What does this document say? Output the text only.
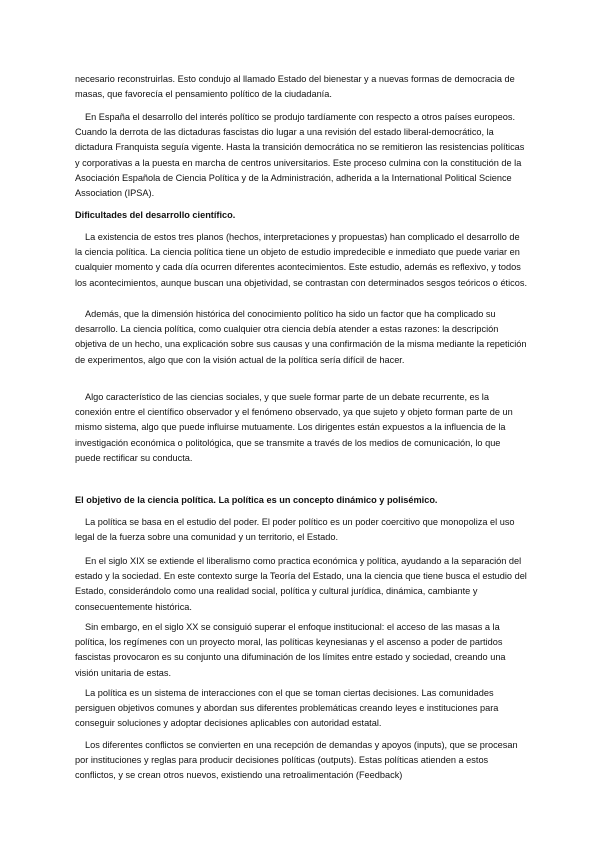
necesario reconstruirlas. Esto condujo al llamado Estado del bienestar y a nuevas formas de democracia de masas, que favorecía el pensamiento político de la ciudadanía.

En España el desarrollo del interés político se produjo tardíamente con respecto a otros países europeos. Cuando la derrota de las dictaduras fascistas dio lugar a una revisión del estado liberal-democrático, la dictadura Franquista seguía vigente. Hasta la transición democrática no se remitieron las resistencias políticas y corporativas a la puesta en marcha de centros universitarios. Este proceso culmina con la constitución de la Asociación Española de Ciencia Política y de la Administración, adherida a la International Political Science Association (IPSA).

Dificultades del desarrollo científico.

La existencia de estos tres planos (hechos, interpretaciones y propuestas) han complicado el desarrollo de la ciencia política. La ciencia política tiene un objeto de estudio impredecible e inmediato que puede variar en cualquier momento y cada día ocurren diferentes acontecimientos. Este estudio, además es reflexivo, y todos los acontecimientos, aunque buscan una objetividad, se contrastan con determinados sesgos teóricos o éticos.

Además, que la dimensión histórica del conocimiento político ha sido un factor que ha complicado su desarrollo. La ciencia política, como cualquier otra ciencia debía atender a estas razones: la descripción objetiva de un hecho, una explicación sobre sus causas y una confirmación de la misma mediante la repetición de experimentos, algo que con la visión actual de la política sería difícil de hacer.

Algo característico de las ciencias sociales, y que suele formar parte de un debate recurrente, es la conexión entre el científico observador y el fenómeno observado, ya que sujeto y objeto forman parte de un mismo sistema, algo que puede influirse mutuamente. Los dirigentes están expuestos a la influencia de la investigación económica o politológica, que se transmite a través de los medios de comunicación, lo que puede rectificar su conducta.

El objetivo de la ciencia política. La política es un concepto dinámico y polisémico.

La política se basa en el estudio del poder. El poder político es un poder coercitivo que monopoliza el uso legal de la fuerza sobre una comunidad y un territorio, el Estado.

En el siglo XIX se extiende el liberalismo como practica económica y política, ayudando a la separación del estado y la sociedad. En este contexto surge la Teoría del Estado, una la ciencia que tiene busca el estudio del Estado, considerándolo como una realidad social, política y cultural jurídica, dinámica, cambiante y consecuentemente histórica.

Sin embargo, en el siglo XX se consiguió superar el enfoque institucional: el acceso de las masas a la política, los regímenes con un proyecto moral, las políticas keynesianas y el ascenso a poder de partidos fascistas provocaron es su conjunto una difuminación de los límites entre estado y sociedad, creando una visión unitaria de estas.

La política es un sistema de interacciones con el que se toman ciertas decisiones. Las comunidades persiguen objetivos comunes y abordan sus diferentes problemáticas creando leyes e instituciones para conseguir soluciones y adoptar decisiones aplicables con autoridad estatal.

Los diferentes conflictos se convierten en una recepción de demandas y apoyos (inputs), que se procesan por instituciones y reglas para producir decisiones políticas (outputs). Estas políticas atienden a estos conflictos, y se crean otros nuevos, existiendo una retroalimentación (Feedback)
